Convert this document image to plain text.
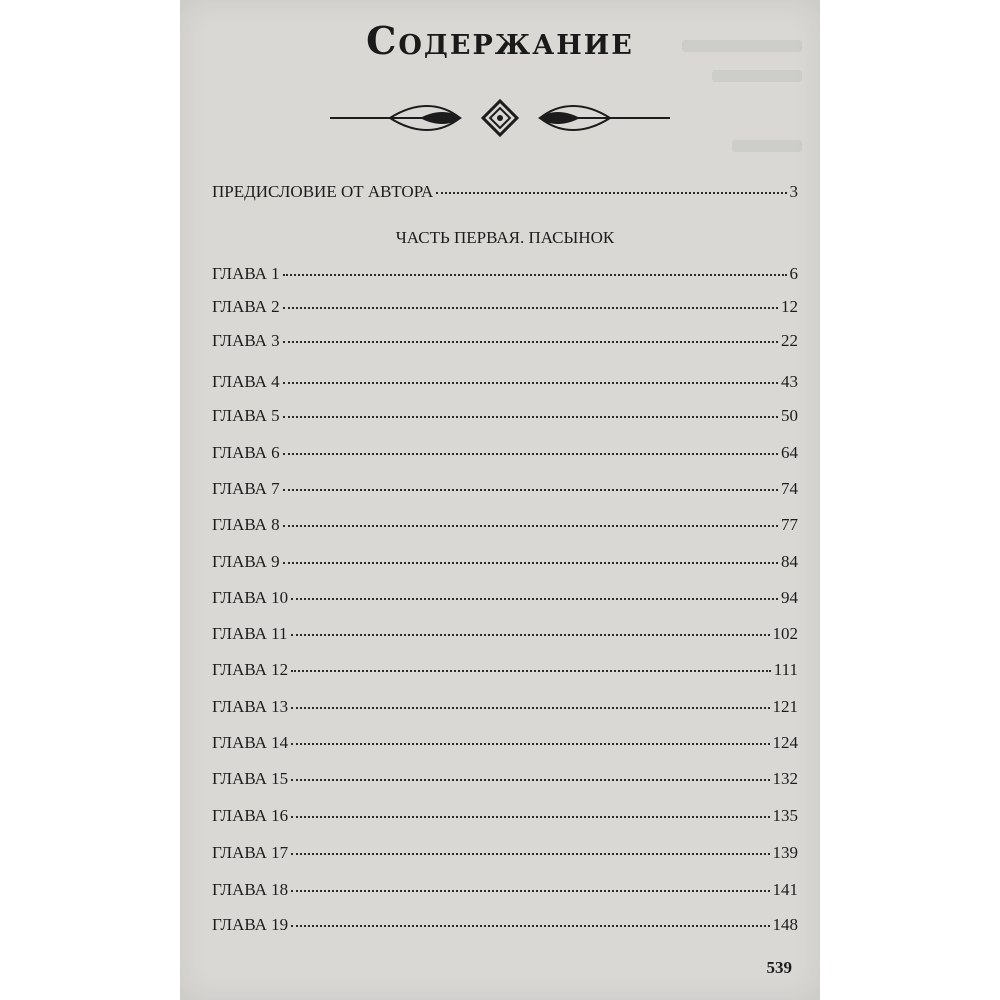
Содержание
ПРЕДИСЛОВИЕ ОТ АВТОРА	3
ЧАСТЬ ПЕРВАЯ. ПАСЫНОК
ГЛАВА 1	6
ГЛАВА 2	12
ГЛАВА 3	22
ГЛАВА 4	43
ГЛАВА 5	50
ГЛАВА 6	64
ГЛАВА 7	74
ГЛАВА 8	77
ГЛАВА 9	84
ГЛАВА 10	94
ГЛАВА 11	102
ГЛАВА 12	111
ГЛАВА 13	121
ГЛАВА 14	124
ГЛАВА 15	132
ГЛАВА 16	135
ГЛАВА 17	139
ГЛАВА 18	141
ГЛАВА 19	148
539
